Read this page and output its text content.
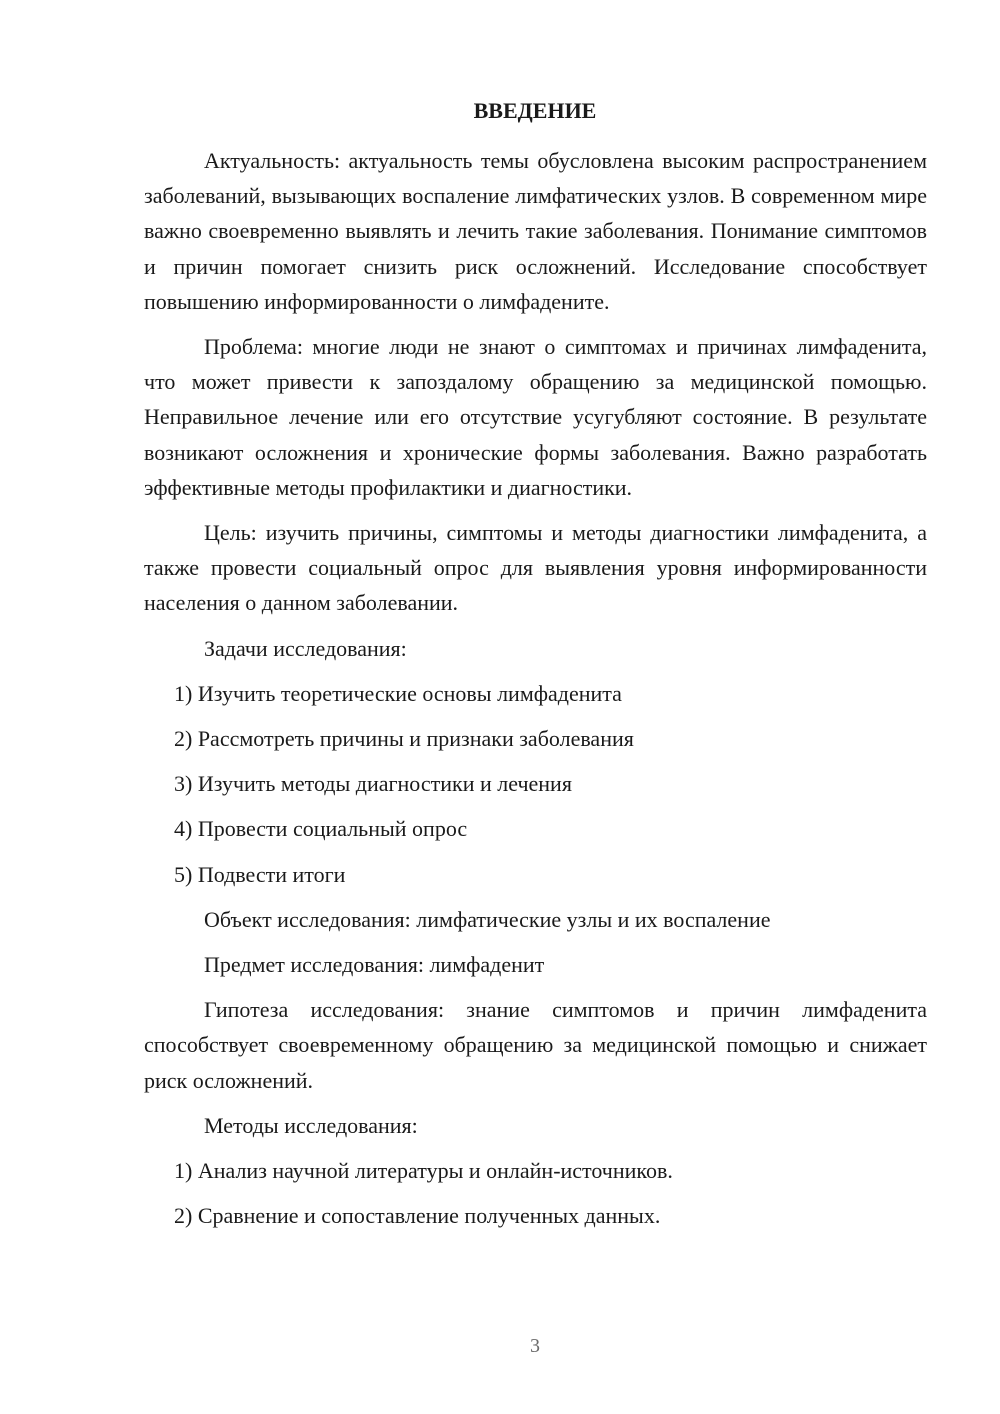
ВВЕДЕНИЕ

Актуальность: актуальность темы обусловлена высоким распространением заболеваний, вызывающих воспаление лимфатических узлов. В современном мире важно своевременно выявлять и лечить такие заболевания. Понимание симптомов и причин помогает снизить риск осложнений. Исследование способствует повышению информированности о лимфадените.

Проблема: многие люди не знают о симптомах и причинах лимфаденита, что может привести к запоздалому обращению за медицинской помощью. Неправильное лечение или его отсутствие усугубляют состояние. В результате возникают осложнения и хронические формы заболевания. Важно разработать эффективные методы профилактики и диагностики.

Цель: изучить причины, симптомы и методы диагностики лимфаденита, а также провести социальный опрос для выявления уровня информированности населения о данном заболевании.

Задачи исследования:

1) Изучить теоретические основы лимфаденита

2) Рассмотреть причины и признаки заболевания

3) Изучить методы диагностики и лечения

4) Провести социальный опрос

5) Подвести итоги

Объект исследования: лимфатические узлы и их воспаление

Предмет исследования: лимфаденит

Гипотеза исследования: знание симптомов и причин лимфаденита способствует своевременному обращению за медицинской помощью и снижает риск осложнений.

Методы исследования:

1) Анализ научной литературы и онлайн-источников.

2) Сравнение и сопоставление полученных данных.

3
